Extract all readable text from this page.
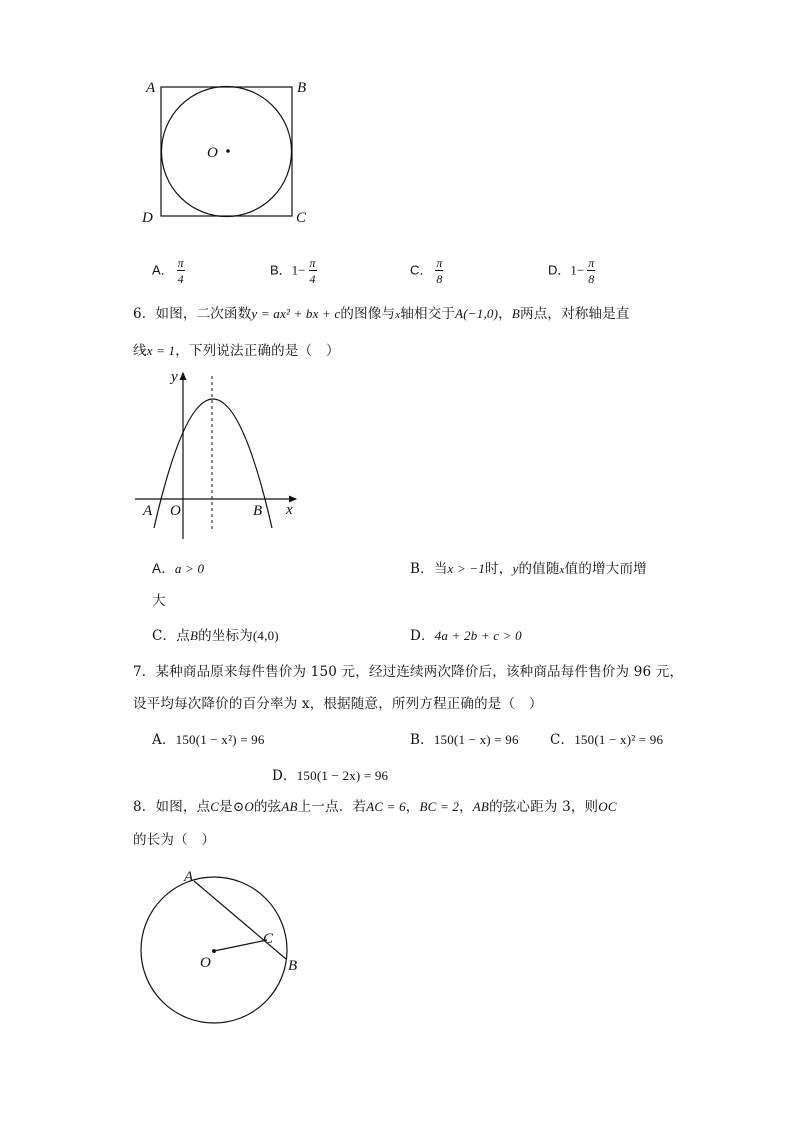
A	B
C
D
O
A． $\frac{\pi}{4}$	B．$1- \frac{\pi}{4}$	C． $\frac{\pi}{8}$	D．$1- \frac{\pi}{8}$
6．如图，二次函数y = ax² + bx + c的图像与x轴相交于A(−1,0)，B两点，对称轴是直
线x = 1，下列说法正确的是（　）
y
x
A O	B
A．a > 0	B．当x > −1时，y的值随x值的增大而增
大
C．点B的坐标为(4,0)	D．4a + 2b + c > 0
7．某种商品原来每件售价为 150 元，经过连续两次降价后，该种商品每件售价为 96 元，
设平均每次降价的百分率为 x，根据随意，所列方程正确的是（　）
A．150(1 − x²) = 96	B．150(1 − x) = 96 C．150(1 − x)² = 96
D．150(1 − 2x) = 96
8．如图，点C是⊙O的弦AB上一点．若AC = 6，BC = 2，AB的弦心距为 3，则OC
的长为（　）
A
C
O	B
